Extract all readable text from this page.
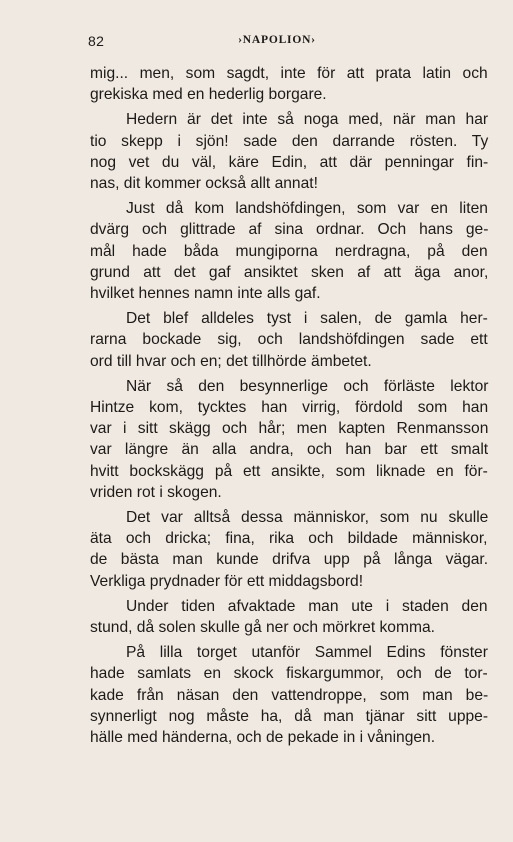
82	›NAPOLION›
mig... men, som sagdt, inte för att prata latin och
grekiska med en hederlig borgare.
Hedern är det inte så noga med, när man har
tio skepp i sjön! sade den darrande rösten. Ty
nog vet du väl, käre Edin, att där penningar fin-
nas, dit kommer också allt annat!
Just då kom landshöfdingen, som var en liten
dvärg och glittrade af sina ordnar. Och hans ge-
mål hade båda mungiporna nerdragna, på den
grund att det gaf ansiktet sken af att äga anor,
hvilket hennes namn inte alls gaf.
Det blef alldeles tyst i salen, de gamla her-
rarna bockade sig, och landshöfdingen sade ett
ord till hvar och en; det tillhörde ämbetet.
När så den besynnerlige och förläste lektor
Hintze kom, tycktes han virrig, fördold som han
var i sitt skägg och hår; men kapten Renmansson
var längre än alla andra, och han bar ett smalt
hvitt bockskägg på ett ansikte, som liknade en för-
vriden rot i skogen.
Det var alltså dessa människor, som nu skulle
äta och dricka; fina, rika och bildade människor,
de bästa man kunde drifva upp på långa vägar.
Verkliga prydnader för ett middagsbord!
Under tiden afvaktade man ute i staden den
stund, då solen skulle gå ner och mörkret komma.
På lilla torget utanför Sammel Edins fönster
hade samlats en skock fiskargummor, och de tor-
kade från näsan den vattendroppe, som man be-
synnerligt nog måste ha, då man tjänar sitt uppe-
hälle med händerna, och de pekade in i våningen.
